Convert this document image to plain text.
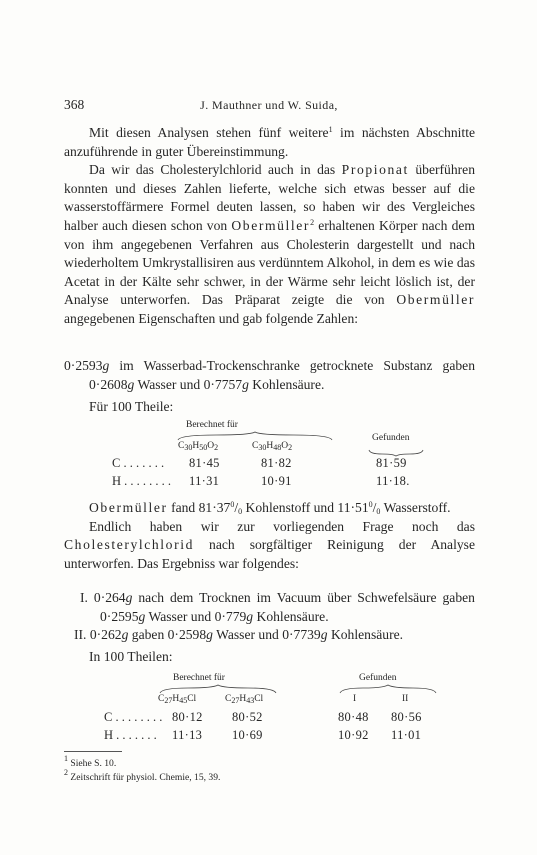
368	J. Mauthner und W. Suida,

Mit diesen Analysen stehen fünf weitere$^1$ im nächsten Abschnitte anzuführende in guter Übereinstimmung.

Da wir das Cholesterylchlorid auch in das Propionat überführen konnten und dieses Zahlen lieferte, welche sich etwas besser auf die wasserstoffärmere Formel deuten lassen, so haben wir des Vergleiches halber auch diesen schon von Obermüller$^2$ erhaltenen Körper nach dem von ihm angegebenen Verfahren aus Cholesterin dargestellt und nach wiederholtem Umkrystallisiren aus verdünntem Alkohol, in dem es wie das Acetat in der Kälte sehr schwer, in der Wärme sehr leicht löslich ist, der Analyse unterworfen. Das Präparat zeigte die von Obermüller angegebenen Eigenschaften und gab folgende Zahlen:

0·2593g im Wasserbad-Trockenschranke getrocknete Substanz gaben 0·2608g Wasser und 0·7757g Kohlensäure.

Für 100 Theile:

Berechnet für
Gefunden
$C_{30}H_{50}O_2$	$C_{30}H_{48}O_2$
C . . . . . . . 81·45	81·82	81·59
H . . . . . . . . 11·31	10·91	11·18.

Obermüller fand $81\cdot 37^0/_0$ Kohlenstoff und $11\cdot 51^0/_0$ Wasserstoff.

Endlich haben wir zur vorliegenden Frage noch das Cholesterylchlorid nach sorgfältiger Reinigung der Analyse unterworfen. Das Ergebniss war folgendes:

I. 0·264g nach dem Trocknen im Vacuum über Schwefelsäure gaben 0·2595g Wasser und 0·779g Kohlensäure.

II. 0·262g gaben 0·2598g Wasser und 0·7739g Kohlensäure.

In 100 Theilen:

Berechnet für	Gefunden
$C_{27}H_{45}Cl$	$C_{27}H_{43}Cl$	I	II
C . . . . . . . . 80·12 80·52	80·48 80·56
H . . . . . . . 11·13 10·69	10·92 11·01
$^1$ Siehe S. 10.
$^2$ Zeitschrift für physiol. Chemie, 15, 39.
